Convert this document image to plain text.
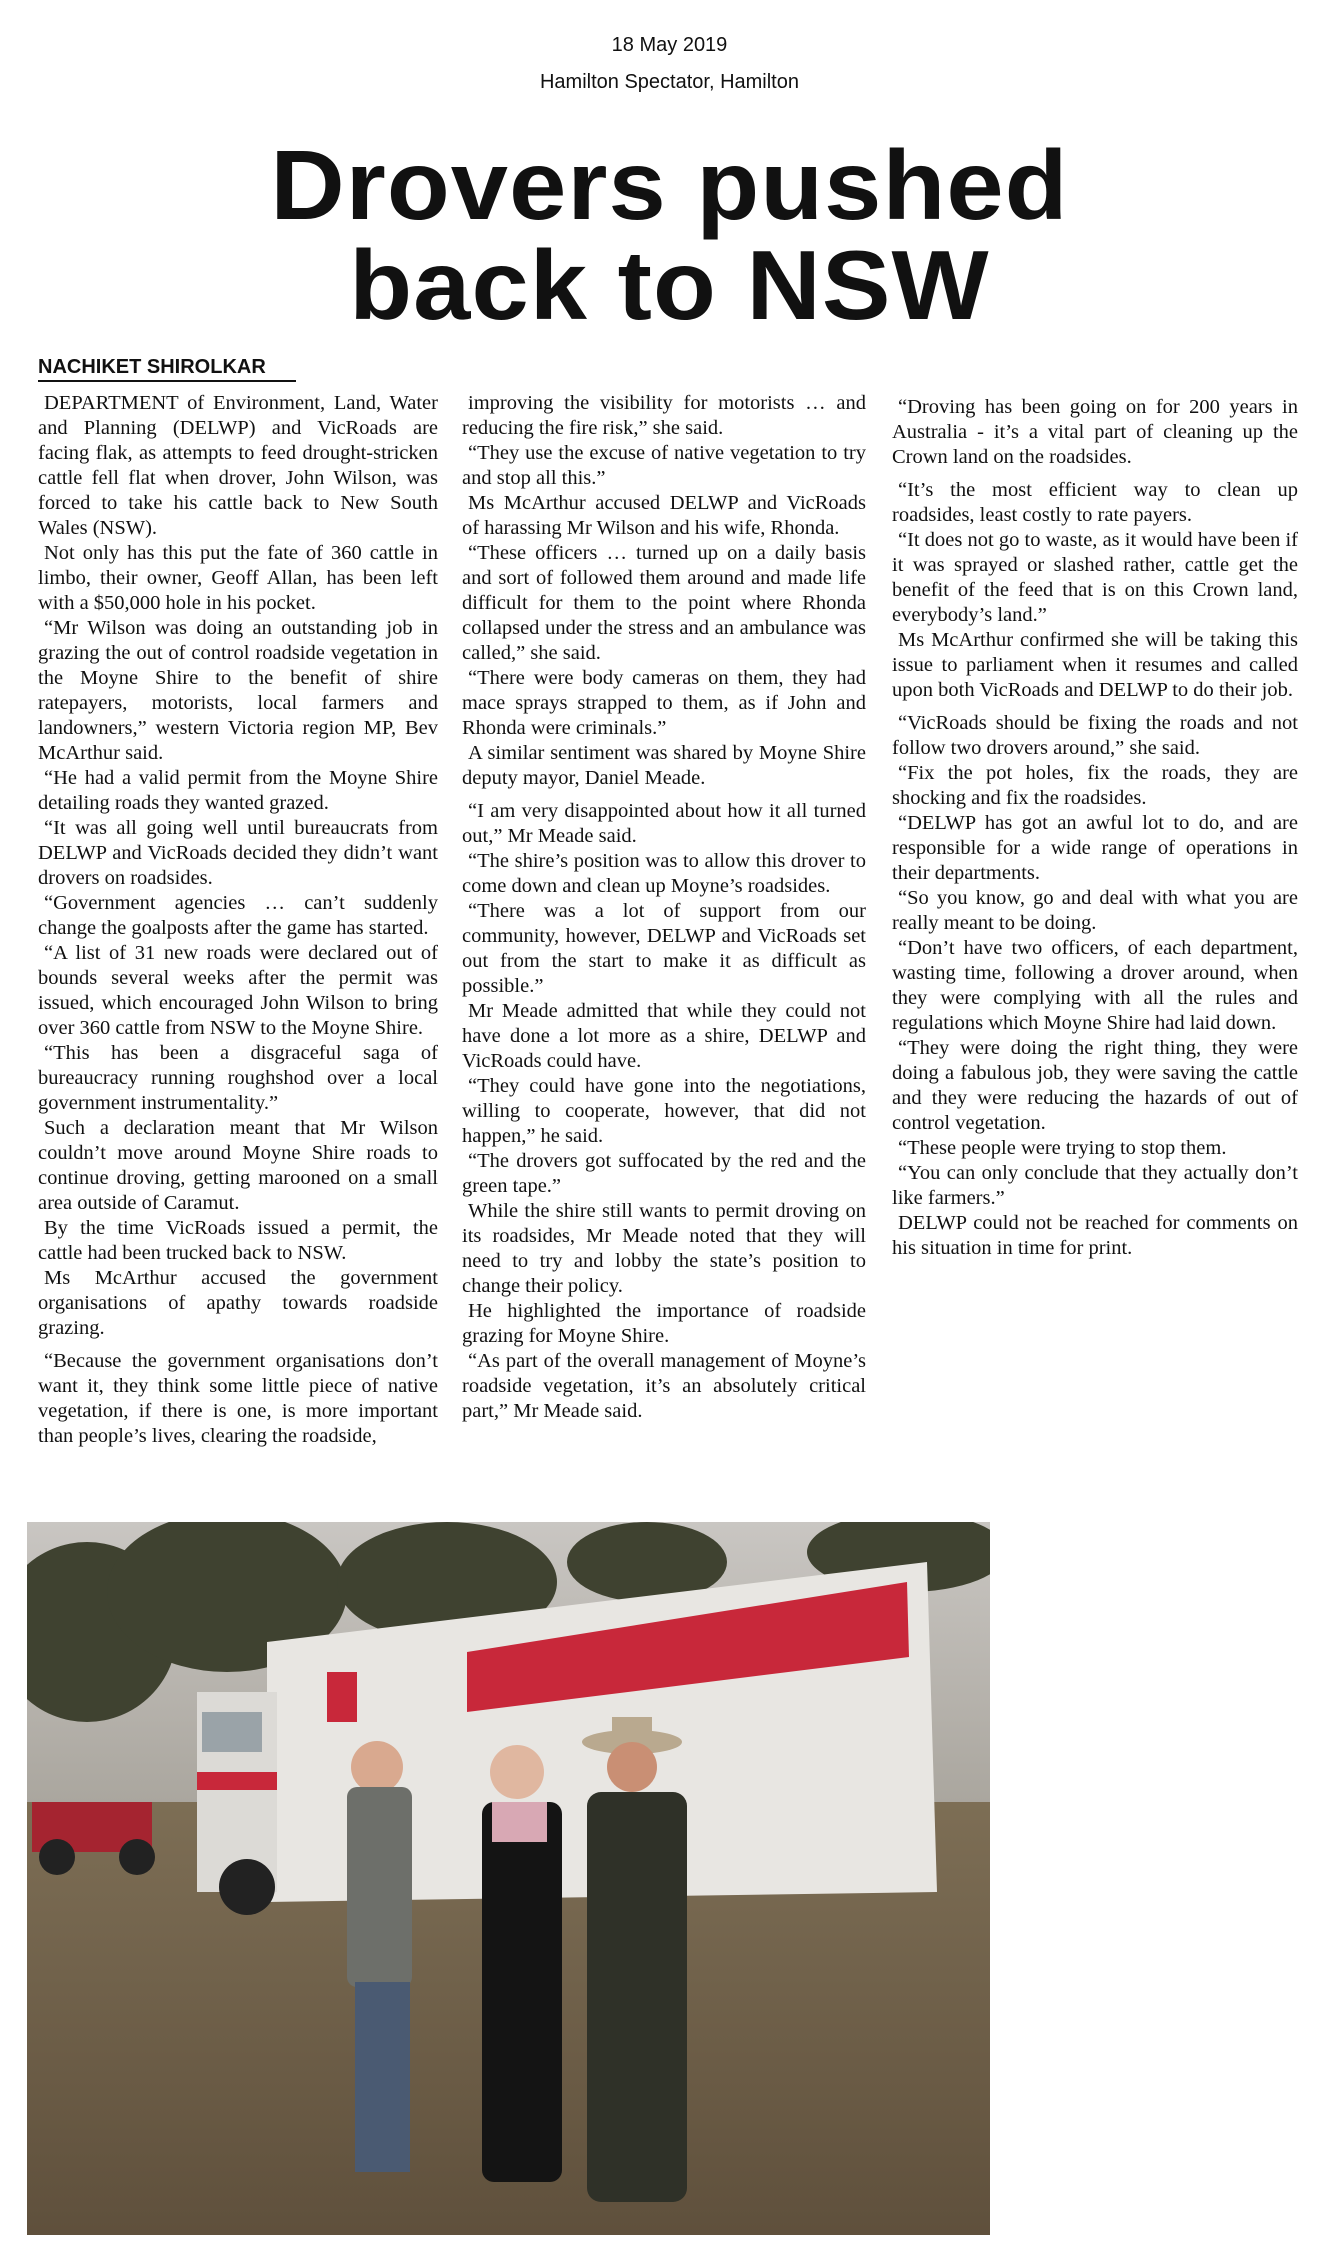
18 May 2019
Hamilton Spectator, Hamilton
Drovers pushed
back to NSW
NACHIKET SHIROLKAR

DEPARTMENT of Environment, Land, Water and Planning (DELWP) and VicRoads are facing flak, as attempts to feed drought-stricken cattle fell flat when drover, John Wilson, was forced to take his cattle back to New South Wales (NSW).

Not only has this put the fate of 360 cattle in limbo, their owner, Geoff Allan, has been left with a $50,000 hole in his pocket.

“Mr Wilson was doing an outstanding job in grazing the out of control roadside vegetation in the Moyne Shire to the benefit of shire ratepayers, motorists, local farmers and landowners,” western Victoria region MP, Bev McArthur said.

“He had a valid permit from the Moyne Shire detailing roads they wanted grazed.

“It was all going well until bureaucrats from DELWP and VicRoads decided they didn’t want drovers on roadsides.

“Government agencies … can’t suddenly change the goalposts after the game has started.

“A list of 31 new roads were declared out of bounds several weeks after the permit was issued, which encouraged John Wilson to bring over 360 cattle from NSW to the Moyne Shire.

“This has been a disgraceful saga of bureaucracy running roughshod over a local government instrumentality.”

Such a declaration meant that Mr Wilson couldn’t move around Moyne Shire roads to continue droving, getting marooned on a small area outside of Caramut.

By the time VicRoads issued a permit, the cattle had been trucked back to NSW.

Ms McArthur accused the government organisations of apathy towards roadside grazing.

“Because the government organisations don’t want it, they think some little piece of native vegetation, if there is one, is more important than people’s lives, clearing the roadside,

improving the visibility for motorists … and reducing the fire risk,” she said.

“They use the excuse of native vegetation to try and stop all this.”

Ms McArthur accused DELWP and VicRoads of harassing Mr Wilson and his wife, Rhonda.

“These officers … turned up on a daily basis and sort of followed them around and made life difficult for them to the point where Rhonda collapsed under the stress and an ambulance was called,” she said.

“There were body cameras on them, they had mace sprays strapped to them, as if John and Rhonda were criminals.”

A similar sentiment was shared by Moyne Shire deputy mayor, Daniel Meade.

“I am very disappointed about how it all turned out,” Mr Meade said.

“The shire’s position was to allow this drover to come down and clean up Moyne’s roadsides.

“There was a lot of support from our community, however, DELWP and VicRoads set out from the start to make it as difficult as possible.”

Mr Meade admitted that while they could not have done a lot more as a shire, DELWP and VicRoads could have.

“They could have gone into the negotiations, willing to cooperate, however, that did not happen,” he said.

“The drovers got suffocated by the red and the green tape.”

While the shire still wants to permit droving on its roadsides, Mr Meade noted that they will need to try and lobby the state’s position to change their policy.

He highlighted the importance of roadside grazing for Moyne Shire.

“As part of the overall management of Moyne’s roadside vegetation, it’s an absolutely critical part,” Mr Meade said.

“Droving has been going on for 200 years in Australia - it’s a vital part of cleaning up the Crown land on the roadsides.

“It’s the most efficient way to clean up roadsides, least costly to rate payers.

“It does not go to waste, as it would have been if it was sprayed or slashed rather, cattle get the benefit of the feed that is on this Crown land, everybody’s land.”

Ms McArthur confirmed she will be taking this issue to parliament when it resumes and called upon both VicRoads and DELWP to do their job.

“VicRoads should be fixing the roads and not follow two drovers around,” she said.

“Fix the pot holes, fix the roads, they are shocking and fix the roadsides.

“DELWP has got an awful lot to do, and are responsible for a wide range of operations in their departments.

“So you know, go and deal with what you are really meant to be doing.

“Don’t have two officers, of each department, wasting time, following a drover around, when they were complying with all the rules and regulations which Moyne Shire had laid down.

“They were doing the right thing, they were doing a fabulous job, they were saving the cattle and they were reducing the hazards of out of control vegetation.

“These people were trying to stop them.

“You can only conclude that they actually don’t like farmers.”

DELWP could not be reached for comments on his situation in time for print.
